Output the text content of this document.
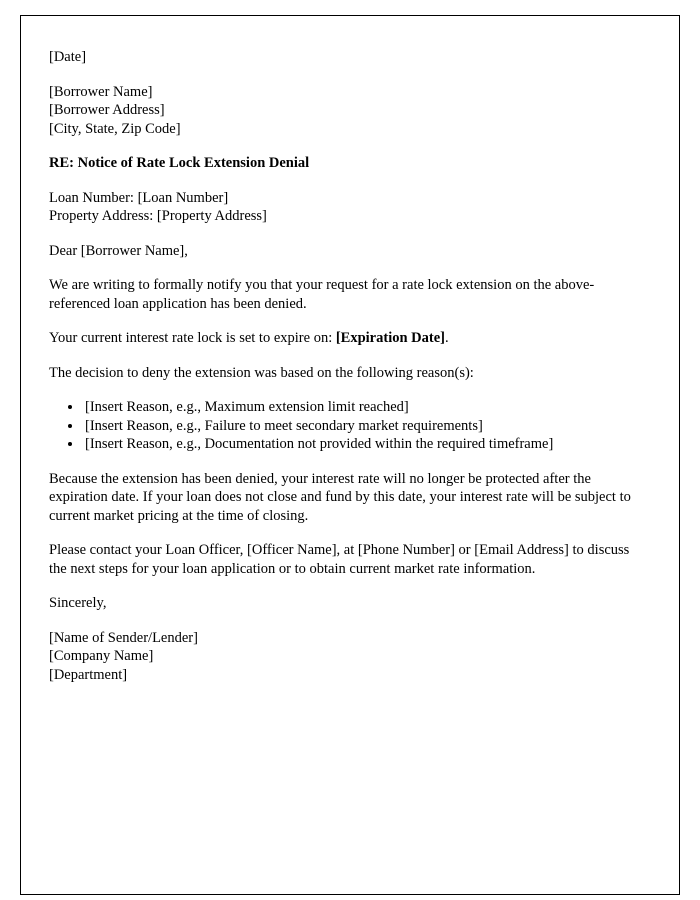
[Date]
[Borrower Name]
[Borrower Address]
[City, State, Zip Code]
RE: Notice of Rate Lock Extension Denial
Loan Number: [Loan Number]
Property Address: [Property Address]
Dear [Borrower Name],
We are writing to formally notify you that your request for a rate lock extension on the above-referenced loan application has been denied.
Your current interest rate lock is set to expire on: [Expiration Date].
The decision to deny the extension was based on the following reason(s):
• [Insert Reason, e.g., Maximum extension limit reached]
• [Insert Reason, e.g., Failure to meet secondary market requirements]
• [Insert Reason, e.g., Documentation not provided within the required timeframe]
Because the extension has been denied, your interest rate will no longer be protected after the expiration date. If your loan does not close and fund by this date, your interest rate will be subject to current market pricing at the time of closing.
Please contact your Loan Officer, [Officer Name], at [Phone Number] or [Email Address] to discuss the next steps for your loan application or to obtain current market rate information.
Sincerely,
[Name of Sender/Lender]
[Company Name]
[Department]
